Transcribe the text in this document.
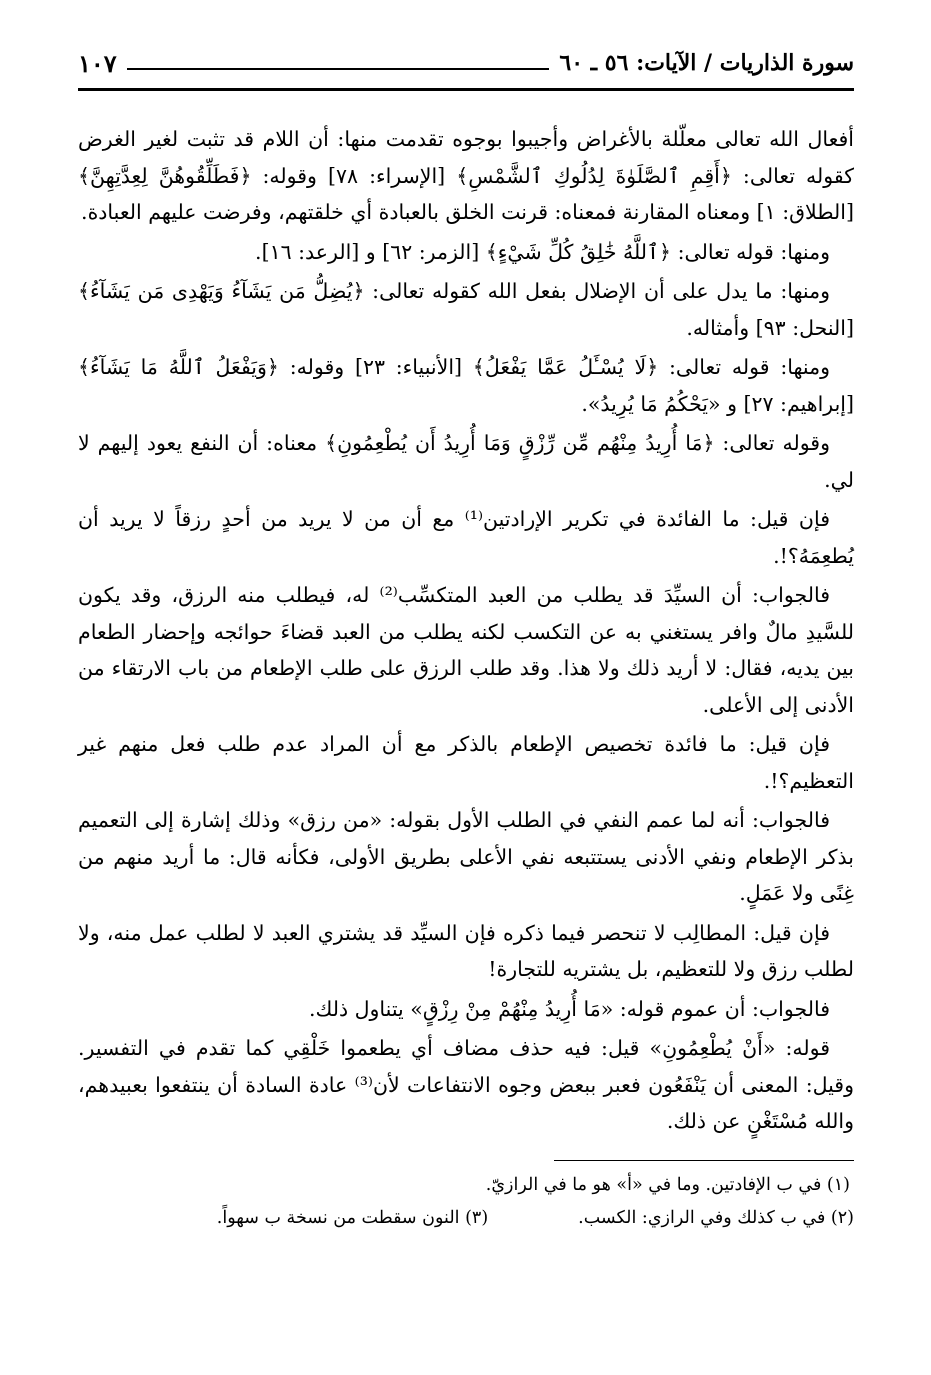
سورة الذاريات / الآيات: ٥٦ ـ ٦٠
١٠٧

أفعال الله تعالى معلّلة بالأغراض وأجيبوا بوجوه تقدمت منها: أن اللام قد تثبت لغير الغرض كقوله تعالى: ﴿أَقِمِ ٱلصَّلَوٰةَ لِدُلُوكِ ٱلشَّمْسِ﴾ [الإسراء: ٧٨] وقوله: ﴿فَطَلِّقُوهُنَّ لِعِدَّتِهِنَّ﴾ [الطلاق: ١] ومعناه المقارنة فمعناه: قرنت الخلق بالعبادة أي خلقتهم، وفرضت عليهم العبادة.

ومنها: قوله تعالى: ﴿ٱللَّهُ خَٰلِقُ كُلِّ شَيْءٍ﴾ [الزمر: ٦٢] و [الرعد: ١٦].

ومنها: ما يدل على أن الإضلال بفعل الله كقوله تعالى: ﴿يُضِلُّ مَن يَشَآءُ وَيَهْدِى مَن يَشَآءُ﴾ [النحل: ٩٣] وأمثاله.

ومنها: قوله تعالى: ﴿لَا يُسْـَٔلُ عَمَّا يَفْعَلُ﴾ [الأنبياء: ٢٣] وقوله: ﴿وَيَفْعَلُ ٱللَّهُ مَا يَشَآءُ﴾ [إبراهيم: ٢٧] و «يَحْكُمُ مَا يُرِيدُ».

وقوله تعالى: ﴿مَا أُرِيدُ مِنْهُم مِّن رِّزْقٍ وَمَا أُرِيدُ أَن يُطْعِمُونِ﴾ معناه: أن النفع يعود إليهم لا لي.

فإن قيل: ما الفائدة في تكرير الإرادتين⁽¹⁾ مع أن من لا يريد من أحدٍ رزقاً لا يريد أن يُطعِمَهُ؟!.

فالجواب: أن السيِّدَ قد يطلب من العبد المتكسِّب⁽²⁾ له، فيطلب منه الرزق، وقد يكون للسَّيدِ مالٌ وافر يستغني به عن التكسب لكنه يطلب من العبد قضاءَ حوائجه وإحضار الطعام بين يديه، فقال: لا أريد ذلك ولا هذا. وقد طلب الرزق على طلب الإطعام من باب الارتقاء من الأدنى إلى الأعلى.

فإن قيل: ما فائدة تخصيص الإطعام بالذكر مع أن المراد عدم طلب فعل منهم غير التعظيم؟!.

فالجواب: أنه لما عمم النفي في الطلب الأول بقوله: «من رزق» وذلك إشارة إلى التعميم بذكر الإطعام ونفي الأدنى يستتبعه نفي الأعلى بطريق الأولى، فكأنه قال: ما أريد منهم من غِنًى ولا عَمَلٍ.

فإن قيل: المطالِب لا تنحصر فيما ذكره فإن السيِّد قد يشتري العبد لا لطلب عمل منه، ولا لطلب رزق ولا للتعظيم، بل يشتريه للتجارة!

فالجواب: أن عموم قوله: «مَا أُرِيدُ مِنْهُمْ مِنْ رِزْقٍ» يتناول ذلك.

قوله: «أَنْ يُطْعِمُونِ» قيل: فيه حذف مضاف أي يطعموا خَلْقِي كما تقدم في التفسير. وقيل: المعنى أن يَنْفَعُون فعبر ببعض وجوه الانتفاعات لأن⁽³⁾ عادة السادة أن ينتفعوا بعبيدهم، والله مُسْتَغْنٍ عن ذلك.

(١) في ب الإفادتين. وما في «أ» هو ما في الرازيّ.

(٢) في ب كذلك وفي الرازي: الكسب.
(٣) النون سقطت من نسخة ب سهواً.
